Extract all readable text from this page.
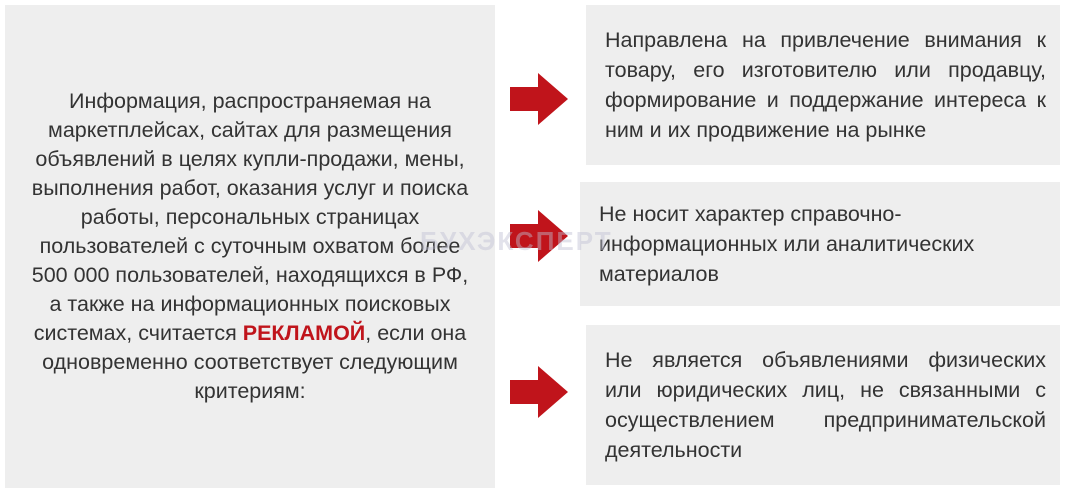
Информация, распространяемая на маркетплейсах, сайтах для размещения объявлений в целях купли-продажи, мены, выполнения работ, оказания услуг и поиска работы, персональных страницах пользователей с суточным охватом более 500 000 пользователей, находящихся в РФ, а также на информационных поисковых системах, считается РЕКЛАМОЙ, если она одновременно соответствует следующим критериям:

Направлена на привлечение внимания к товару, его изготовителю или продавцу, формирование и поддержание интереса к ним и их продвижение на рынке

Не носит характер справочно-информационных или аналитических материалов

Не является объявлениями физических или юридических лиц, не связанными с осуществлением предпринимательской деятельности

БУХЭКСПЕРТ
